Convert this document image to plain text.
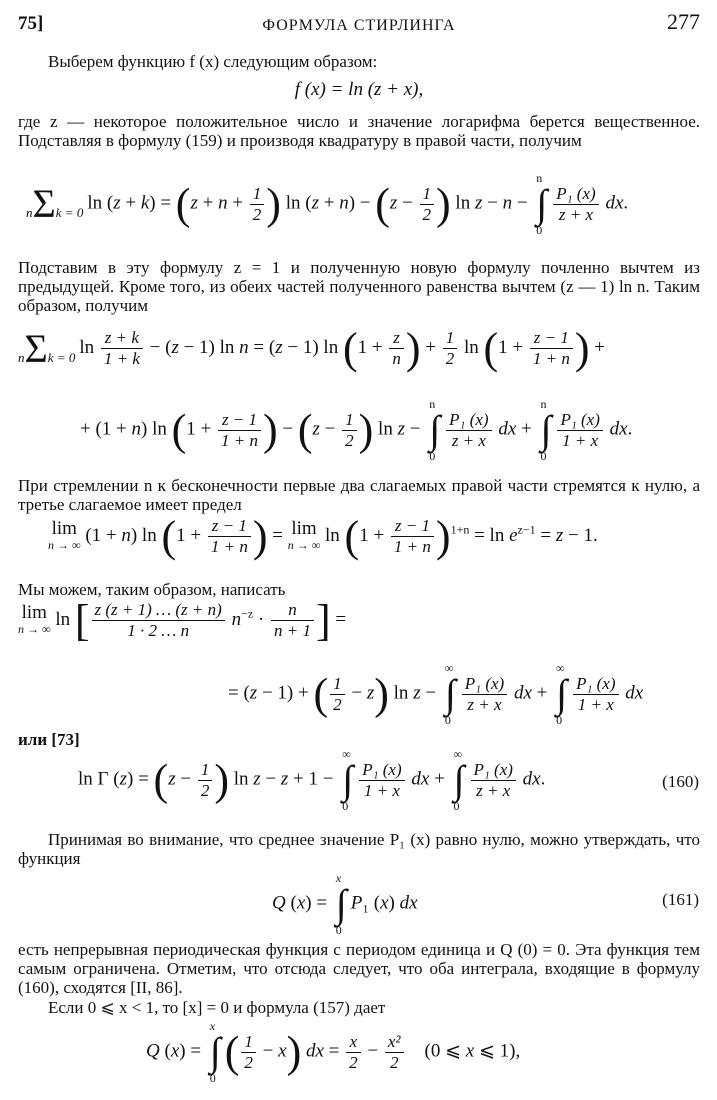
75]	ФОРМУЛА СТИРЛИНГА	277
Выберем функцию f (x) следующим образом:
f (x) = ln (z + x),
где z — некоторое положительное число и значение логарифма берется вещественное. Подставляя в формулу (159) и производя квадратуру в правой части, получим
nΣk = 0 $\ln (z + k) = (z + n + \frac{1}{2}$ ) $\ln (z + n) - (z - \frac{1}{2}$ ) ln z − n − n
∫
0
$\frac{\text{P₁ (x)}}{z + x}$ dx.
Подставим в эту формулу z = 1 и полученную новую формулу почленно вычтем из предыдущей. Кроме того, из обеих частей полученного равенства вычтем (z — 1) ln n. Таким образом, получим
nΣk = 0 $\ln \frac{z + k}{1 + k} - (z - 1)$ ln n = (z − 1) $\ln (1 + \frac{z}{n}$ ) + $\frac{1}{2}$ $\ln (1 + \frac{z - 1}{1 + n}$ ) +
+ (1 + n) $\ln (1 + \frac{z - 1}{1 + n}$ ) − ($z - \frac{1}{2}$ ) ln z − n
∫
0
$\frac{\text{P₁ (x)}}{z + x}$ dx + n
∫
0
$\frac{\text{P₁ (x)}}{1 + x}$ dx.
При стремлении n к бесконечности первые два слагаемых правой части стремятся к нулю, а третье слагаемое имеет предел
lim
n → ∞ (1 + n) $\ln (1 + \frac{z - 1}{1 + n}$ ) = lim
n → ∞ $\ln (1 + \frac{z - 1}{1 + n} )^{1+n} = \ln e^{z-1} = z - 1$.
Мы можем, таким образом, написать
lim
n → ∞ ln [ $\frac{z (z + 1) \dots (z + n)}{1 \cdot 2 \dots n} n^{-z} \cdot \frac{n}{n + 1}$ ] =
= (z − 1) + ( $\frac{1}{2} - z$) ln z − ∞
∫
0
$\frac{\text{P₁ (x)}}{z + x}$ dx + ∞
∫
0
$\frac{\text{P₁ (x)}}{1 + x}$ dx
или [73]
ln Γ $(z) = (z - \frac{1}{2}$ ) ln z − z + 1 − ∞
∫
0
$\frac{\text{P₁ (x)}}{1 + x}$ dx + ∞
∫
0
$\frac{\text{P₁ (x)}}{z + x}$ dx.	(160)
Принимая во внимание, что среднее значение P₁ (x) равно нулю, можно утверждать, что функция
Q (x) = x
∫
0P₁ (x) dx	(161)
есть непрерывная периодическая функция с периодом единица и Q (0) = 0. Эта функция тем самым ограничена. Отметим, что отсюда следует, что оба интеграла, входящие в формулу (160), сходятся [II, 86].
Если 0 ⩽ x < 1, то [x] = 0 и формула (157) дает
Q (x) = x
∫
$0( \frac{1}{2} - x)$ dx = $\frac{x}{2} - \frac{\text{x²}}{2} (0$ ⩽ x ⩽ 1),
